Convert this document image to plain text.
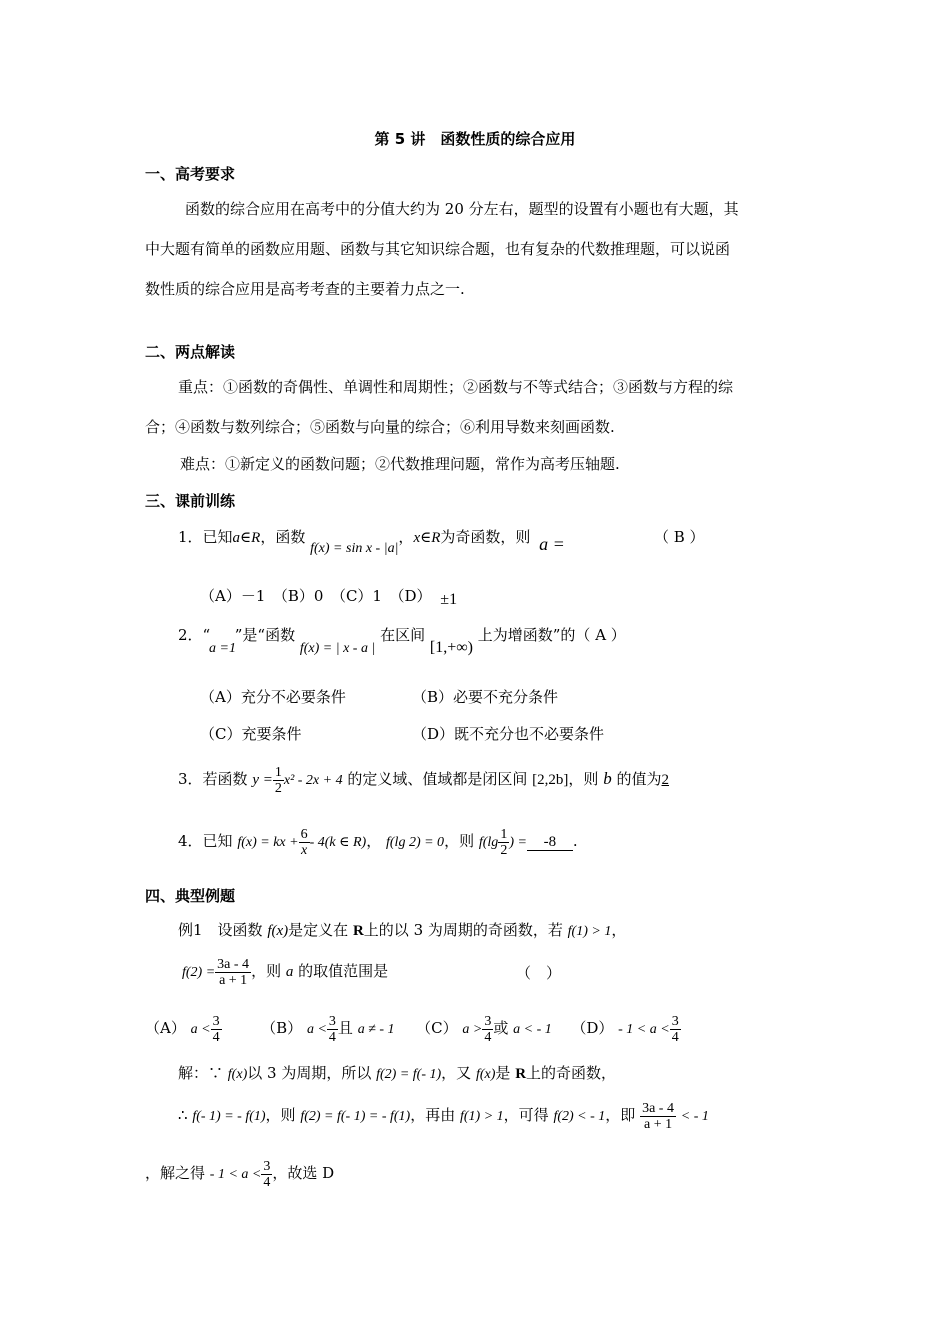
第 5 讲　函数性质的综合应用
一、高考要求
函数的综合应用在高考中的分值大约为 20 分左右，题型的设置有小题也有大题，其
中大题有简单的函数应用题、函数与其它知识综合题，也有复杂的代数推理题，可以说函
数性质的综合应用是高考考查的主要着力点之一.
二、两点解读
重点：①函数的奇偶性、单调性和周期性；②函数与不等式结合；③函数与方程的综
合；④函数与数列综合；⑤函数与向量的综合；⑥利用导数来刻画函数.
难点：①新定义的函数问题；②代数推理问题，常作为高考压轴题.
三、课前训练
1．已知a∈R，函数 f(x) = sin x - |a|，x∈R为奇函数，则 a =	（ B ）
（A）－1　（B）0　（C）1　（D） ±1
2．“ a =1 ”是“函数 f(x) = | x - a | 在区间 [1,+∞) 上为增函数”的（ A ）
（A）充分不必要条件	（B）必要不充分条件
（C）充要条件	（D）既不充分也不必要条件
3．若函数 $y = \frac{1}{2} x^2 - 2x + 4$ 的定义域、值域都是闭区间 [2,2b]，则 b 的值为2
4．已知 f(x) = kx + $\frac{6}{x} - 4(k$ ∈ R)， f(lg 2) = 0，则 $f(\lg \frac{1}{2}$ ) = -8 .
四、典型例题
例1　设函数 f(x)是定义在 R上的以 3 为周期的奇函数，若 f(1) > 1，
$f(2) = \frac{3a - 4}{a + 1}$ ，则 a 的取值范围是	（　）
（A） $a < \frac{3}{4}$	（B） $a < \frac{3}{4}$ 且 a ≠ - 1 （C） $a > \frac{3}{4}$ 或 a < - 1 $(D) - 1 < a < \frac{3}{4}$
解：∵ f(x)以 3 为周期，所以 f(2) = f(- 1)，又 f(x)是 R上的奇函数，
∴ f(- 1) = - f(1)，则 f(2) = f(- 1) = - f(1)，再由 f(1) > 1，可得 f(2) < - 1，即 $\frac{3a - 4}{a + 1}$ < - 1
，解之得 - $1 < a < \frac{3}{4}$ ，故选 D
